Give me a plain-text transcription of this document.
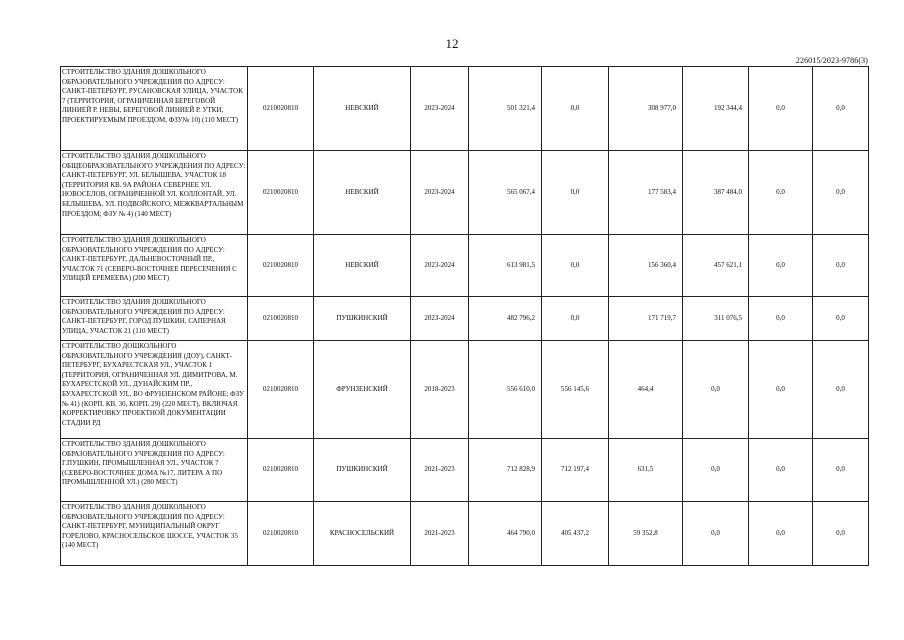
12
226015/2023-9786(3)
СТРОИТЕЛЬСТВО ЗДАНИЯ ДОШКОЛЬНОГО ОБРАЗОВАТЕЛЬНОГО УЧРЕЖДЕНИЯ ПО АДРЕСУ: САНКТ-ПЕТЕРБУРГ, РУСАНОВСКАЯ УЛИЦА, УЧАСТОК 7 (ТЕРРИТОРИЯ, ОГРАНИЧЕННАЯ БЕРЕГОВОЙ ЛИНИЕЙ Р. НЕВЫ, БЕРЕГОВОЙ ЛИНИЕЙ Р. УТКИ, ПРОЕКТИРУЕМЫМ ПРОЕЗДОМ, ФЗУ№ 10) (110 МЕСТ)	0210020810	НЕВСКИЙ	2023-2024	501 321,4	0,0	308 977,0	192 344,4	0,0	0,0
СТРОИТЕЛЬСТВО ЗДАНИЯ ДОШКОЛЬНОГО ОБЩЕОБРАЗОВАТЕЛЬНОГО УЧРЕЖДЕНИЯ ПО АДРЕСУ: САНКТ-ПЕТЕРБУРГ, УЛ. БЕЛЫШЕВА, УЧАСТОК 18 (ТЕРРИТОРИЯ КВ. 9А РАЙОНА СЕВЕРНЕЕ УЛ. НОВОСЕЛОВ, ОГРАНИЧЕННОЙ УЛ. КОЛЛОНТАЙ, УЛ. БЕЛЫШЕВА, УЛ. ПОДВОЙСКОГО, МЕЖКВАРТАЛЬНЫМ ПРОЕЗДОМ; ФЗУ № 4) (140 МЕСТ)	0210020810	НЕВСКИЙ	2023-2024	565 067,4	0,0	177 583,4	387 484,0	0,0	0,0
СТРОИТЕЛЬСТВО ЗДАНИЯ ДОШКОЛЬНОГО ОБРАЗОВАТЕЛЬНОГО УЧРЕЖДЕНИЯ ПО АДРЕСУ: САНКТ-ПЕТЕРБУРГ, ДАЛЬНЕВОСТОЧНЫЙ ПР., УЧАСТОК 71 (СЕВЕРО-ВОСТОЧНЕЕ ПЕРЕСЕЧЕНИЯ С УЛИЦЕЙ ЕРЕМЕЕВА) (200 МЕСТ)	0210020810	НЕВСКИЙ	2023-2024	613 981,5	0,0	156 360,4	457 621,1	0,0	0,0
СТРОИТЕЛЬСТВО ЗДАНИЯ ДОШКОЛЬНОГО ОБРАЗОВАТЕЛЬНОГО УЧРЕЖДЕНИЯ ПО АДРЕСУ: САНКТ-ПЕТЕРБУРГ, ГОРОД ПУШКИН, САПЕРНАЯ УЛИЦА, УЧАСТОК 21 (110 МЕСТ)	0210020810	ПУШКИНСКИЙ	2023-2024	482 796,2	0,0	171 719,7	311 076,5	0,0	0,0
СТРОИТЕЛЬСТВО ДОШКОЛЬНОГО ОБРАЗОВАТЕЛЬНОГО УЧРЕЖДЕНИЯ (ДОУ), САНКТ-ПЕТЕРБУРГ, БУХАРЕСТСКАЯ УЛ., УЧАСТОК 1 (ТЕРРИТОРИЯ, ОГРАНИЧЕННАЯ УЛ. ДИМИТРОВА, М. БУХАРЕСТСКОЙ УЛ., ДУНАЙСКИМ ПР., БУХАРЕСТСКОЙ УЛ., ВО ФРУНЗЕНСКОМ РАЙОНЕ; ФЗУ № 41) (КОРП. КВ. 30, КОРП. 29) (220 МЕСТ), ВКЛЮЧАЯ КОРРЕКТИРОВКУ ПРОЕКТНОЙ ДОКУМЕНТАЦИИ СТАДИИ РД	0210020810	ФРУНЗЕНСКИЙ	2018-2023	556 610,0	556 145,6	464,4	0,0	0,0	0,0
СТРОИТЕЛЬСТВО ЗДАНИЯ ДОШКОЛЬНОГО ОБРАЗОВАТЕЛЬНОГО УЧРЕЖДЕНИЯ ПО АДРЕСУ: Г.ПУШКИН, ПРОМЫШЛЕННАЯ УЛ., УЧАСТОК 7 (СЕВЕРО-ВОСТОЧНЕЕ ДОМА №17, ЛИТЕРА А ПО ПРОМЫШЛЕННОЙ УЛ.) (280 МЕСТ)	0210020810	ПУШКИНСКИЙ	2021-2023	712 828,9	712 197,4	631,5	0,0	0,0	0,0
СТРОИТЕЛЬСТВО ЗДАНИЯ ДОШКОЛЬНОГО ОБРАЗОВАТЕЛЬНОГО УЧРЕЖДЕНИЯ ПО АДРЕСУ: САНКТ-ПЕТЕРБУРГ, МУНИЦИПАЛЬНЫЙ ОКРУГ ГОРЕЛОВО, КРАСНОСЕЛЬСКОЕ ШОССЕ, УЧАСТОК 35 (140 МЕСТ)	0210020810	КРАСНОСЕЛЬСКИЙ	2021-2023	464 790,0	405 437,2	59 352,8	0,0	0,0	0,0
